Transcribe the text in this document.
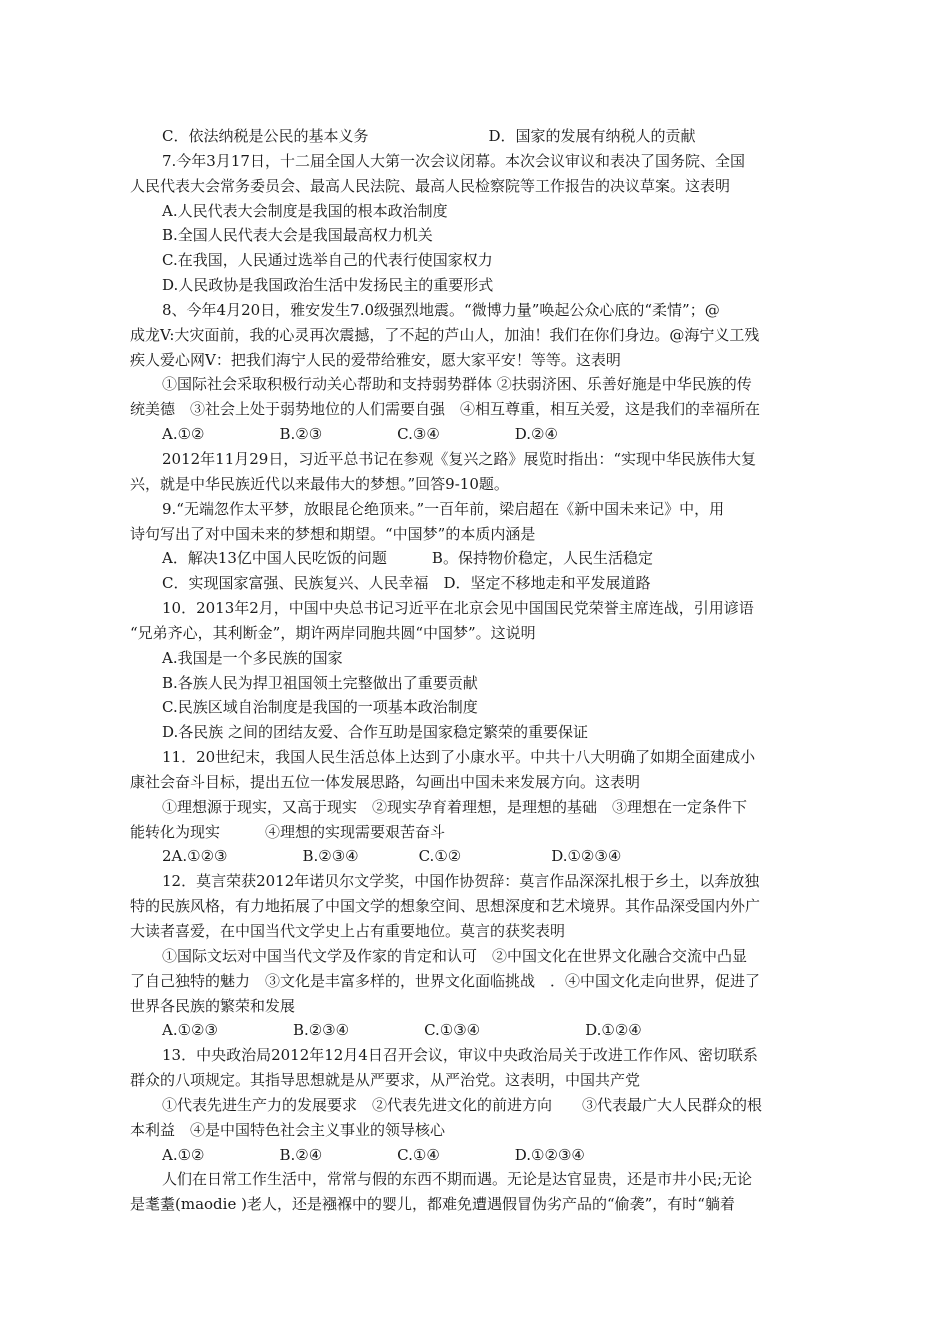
C．依法纳税是公民的基本义务　　　　　　　　D．国家的发展有纳税人的贡献
7.今年3月17日，十二届全国人大第一次会议闭幕。本次会议审议和表决了国务院、全国
人民代表大会常务委员会、最高人民法院、最高人民检察院等工作报告的决议草案。这表明
A.人民代表大会制度是我国的根本政治制度
B.全国人民代表大会是我国最高权力机关
C.在我国，人民通过选举自己的代表行使国家权力
D.人民政协是我国政治生活中发扬民主的重要形式
8、今年4月20日，雅安发生7.0级强烈地震。“微博力量”唤起公众心底的“柔情”；@
成龙V:大灾面前，我的心灵再次震撼，了不起的芦山人，加油！我们在你们身边。@海宁义工残
疾人爱心网V：把我们海宁人民的爱带给雅安，愿大家平安！等等。这表明
①国际社会采取积极行动关心帮助和支持弱势群体 ②扶弱济困、乐善好施是中华民族的传
统美德　③社会上处于弱势地位的人们需要自强　④相互尊重，相互关爱，这是我们的幸福所在
A.①②　　　　　B.②③　　　　　C.③④　　　　　D.②④
2012年11月29日，习近平总书记在参观《复兴之路》展览时指出：“实现中华民族伟大复
兴，就是中华民族近代以来最伟大的梦想。”回答9-10题。
9.“无端忽作太平梦，放眼昆仑绝顶来。”一百年前，梁启超在《新中国未来记》中，用
诗句写出了对中国未来的梦想和期望。“中国梦”的本质内涵是
A．解决13亿中国人民吃饭的问题　　　B。保持物价稳定，人民生活稳定
C．实现国家富强、民族复兴、人民幸福　D．坚定不移地走和平发展道路
10．2013年2月，中国中央总书记习近平在北京会见中国国民党荣誉主席连战，引用谚语
“兄弟齐心，其利断金”，期许两岸同胞共圆“中国梦”。这说明
A.我国是一个多民族的国家
B.各族人民为捍卫祖国领土完整做出了重要贡献
C.民族区域自治制度是我国的一项基本政治制度
D.各民族 之间的团结友爱、合作互助是国家稳定繁荣的重要保证
11．20世纪末，我国人民生活总体上达到了小康水平。中共十八大明确了如期全面建成小
康社会奋斗目标，提出五位一体发展思路，勾画出中国未来发展方向。这表明
①理想源于现实，又高于现实　②现实孕育着理想，是理想的基础　③理想在一定条件下
能转化为现实　　　④理想的实现需要艰苦奋斗
2A.①②③　　　　　B.②③④　　　　C.①②　　　　　　D.①②③④
12．莫言荣获2012年诺贝尔文学奖，中国作协贺辞：莫言作品深深扎根于乡土，以奔放独
特的民族风格，有力地拓展了中国文学的想象空间、思想深度和艺术境界。其作品深受国内外广
大读者喜爱，在中国当代文学史上占有重要地位。莫言的获奖表明
①国际文坛对中国当代文学及作家的肯定和认可　②中国文化在世界文化融合交流中凸显
了自己独特的魅力　③文化是丰富多样的，世界文化面临挑战　．④中国文化走向世界，促进了
世界各民族的繁荣和发展
A.①②③　　　　　B.②③④　　　　　C.①③④　　　　　　　D.①②④
13．中央政治局2012年12月4日召开会议，审议中央政治局关于改进工作作风、密切联系
群众的八项规定。其指导思想就是从严要求，从严治党。这表明，中国共产党
①代表先进生产力的发展要求　②代表先进文化的前进方向　　③代表最广大人民群众的根
本利益　④是中国特色社会主义事业的领导核心
A.①②　　　　　B.②④　　　　　C.①④　　　　　D.①②③④
人们在日常工作生活中，常常与假的东西不期而遇。无论是达官显贵，还是市井小民;无论
是耄耋(maodie )老人，还是襁褓中的婴儿，都难免遭遇假冒伪劣产品的“偷袭”，有时“躺着
